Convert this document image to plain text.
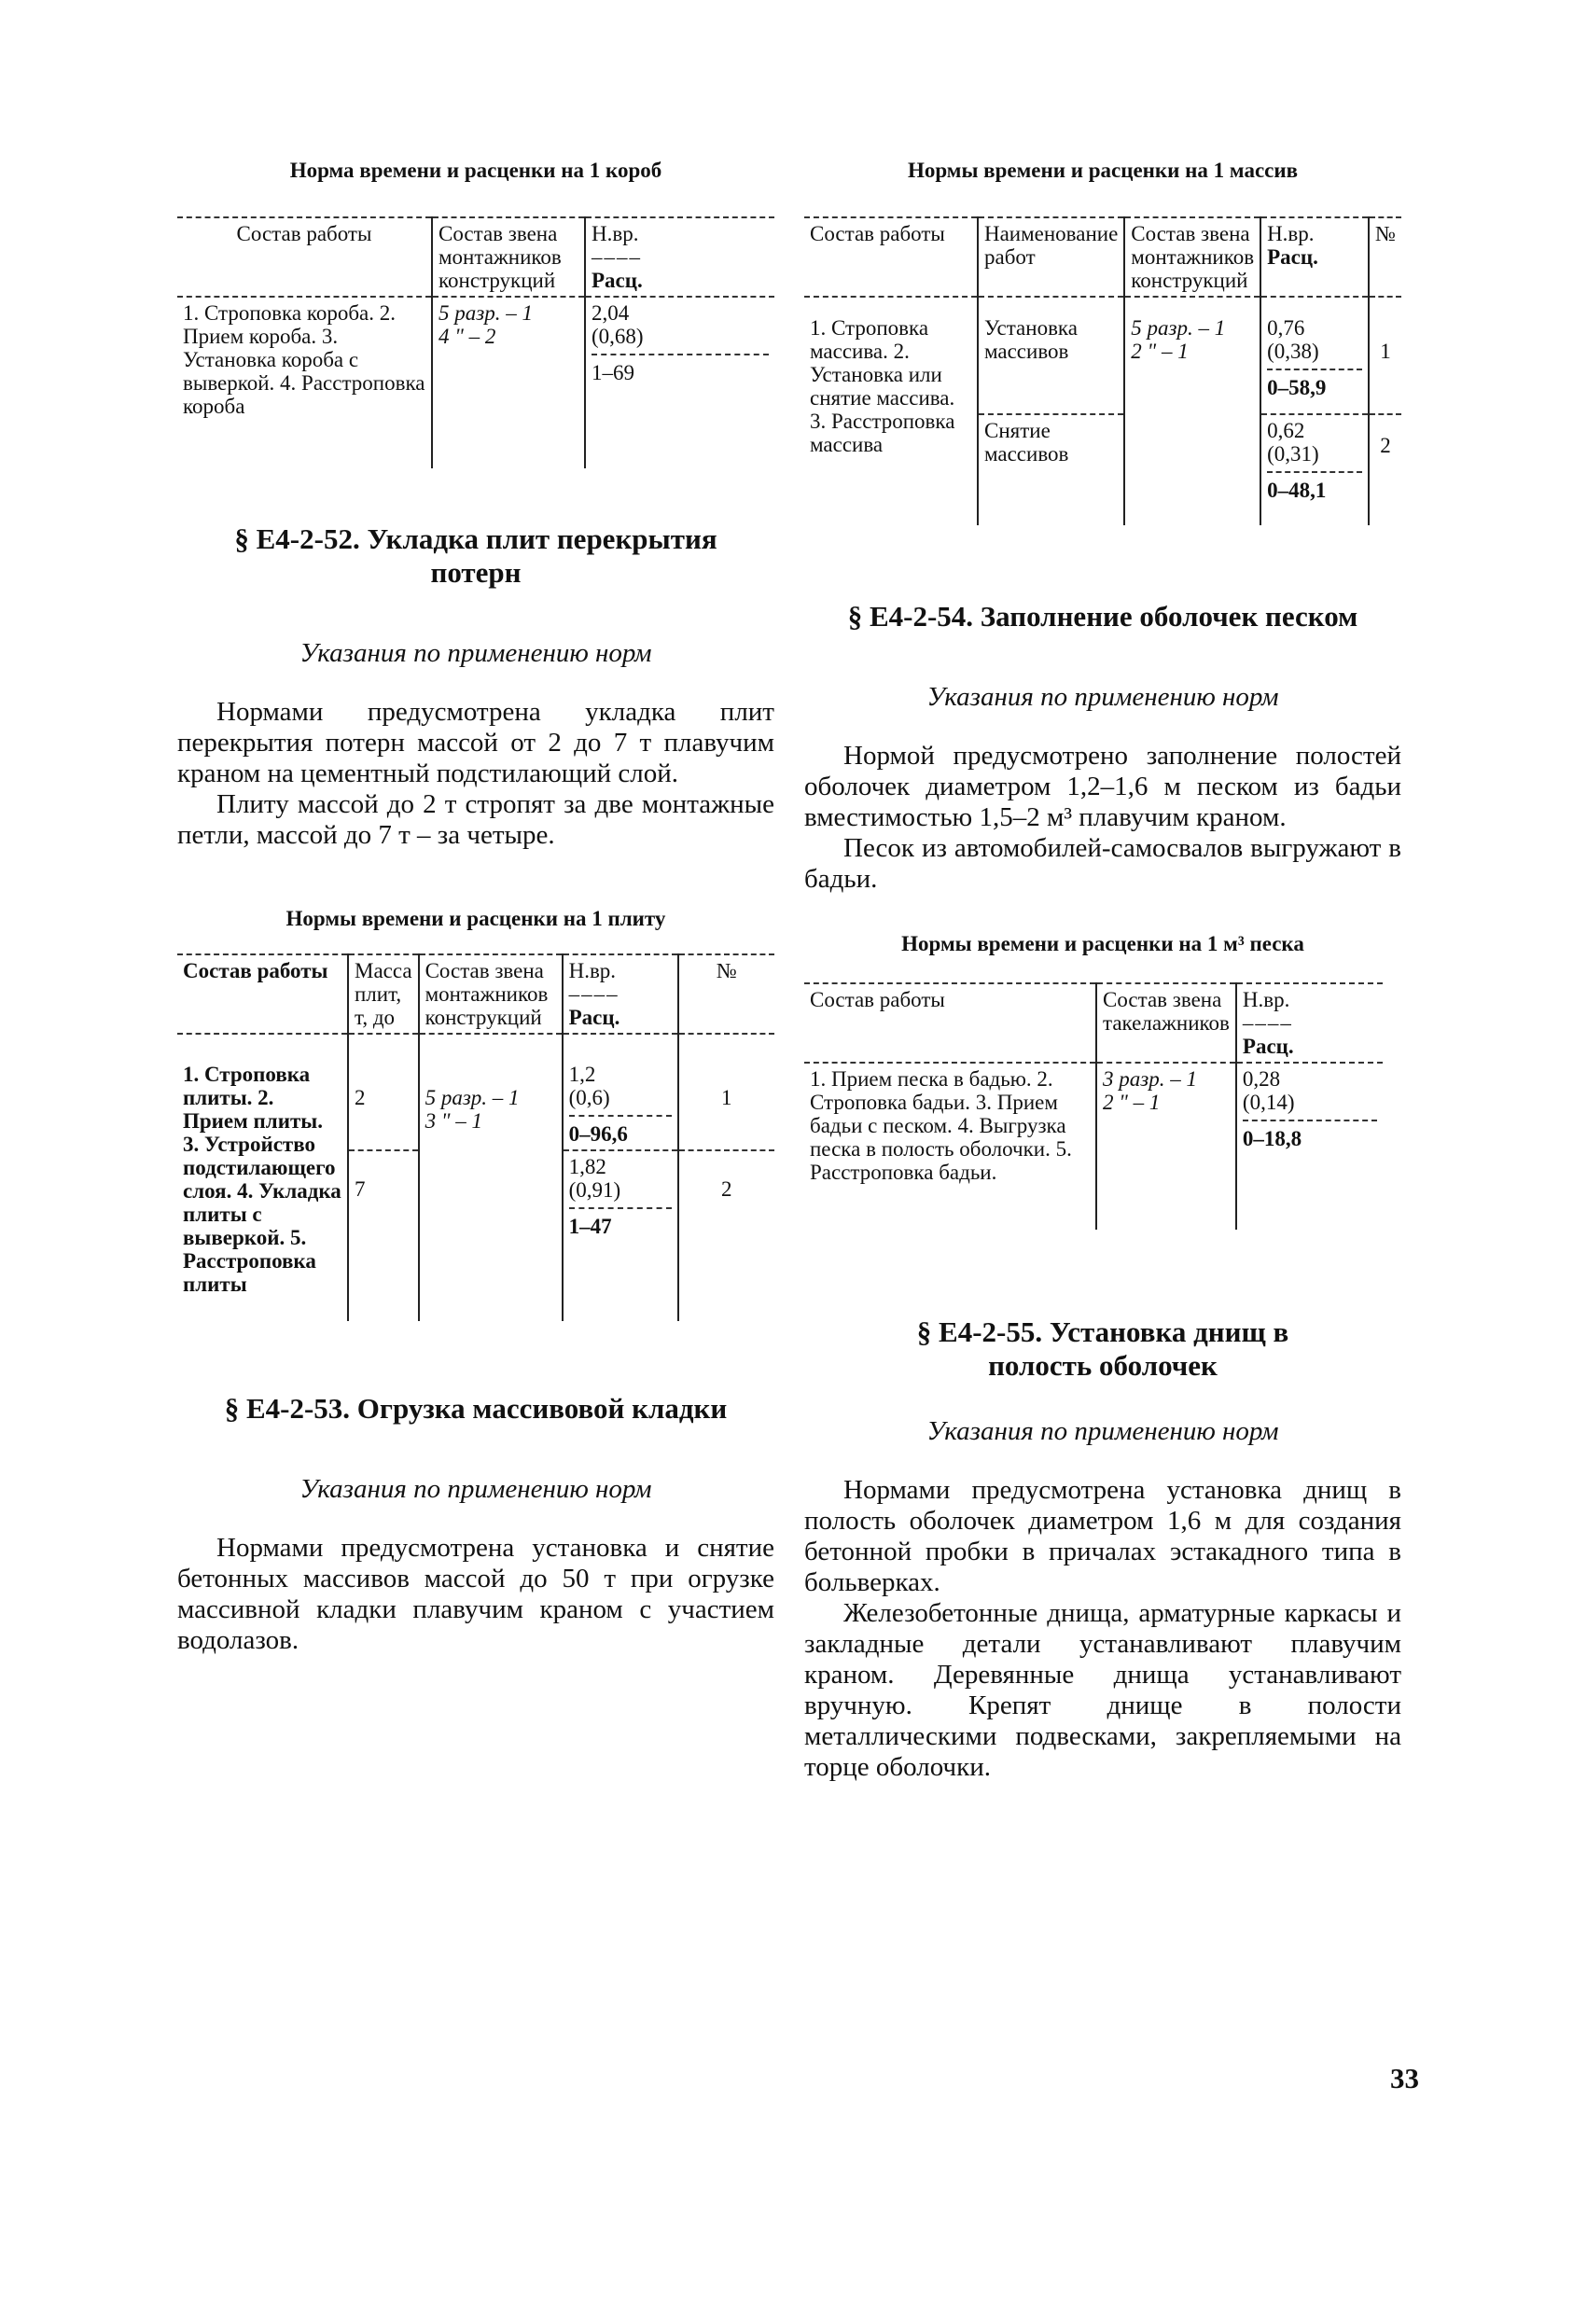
Норма времени и расценки на 1 короб
Состав работы	Состав звена монтажников конструкций	Н.вр.
––––
Расц.

1. Строповка короба. 2. Прием короба. 3. Установка короба с выверкой. 4. Расстроповка короба	5 разр. – 1
4 " – 2	2,04
(0,68)
1–69
§ Е4-2-52. Укладка плит перекрытия потерн
Указания по применению норм

Нормами предусмотрена укладка плит перекрытия потерн массой от 2 до 7 т плавучим краном на цементный подстилающий слой.

Плиту массой до 2 т стропят за две монтажные петли, массой до 7 т – за четыре.

Нормы времени и расценки на 1 плиту
Состав работы	Масса плит, т, до	Состав звена монтажников конструкций	Н.вр.
––––
Расц.	№
1. Строповка плиты. 2. Прием плиты. 3. Устройство подстилающего слоя. 4. Укладка плиты с выверкой. 5. Расстроповка плиты	2	5 разр. – 1
3 " – 1	1,2
(0,6)
0–96,6	1
	7		1,82
(0,91)
1–47	2
§ Е4-2-53. Огрузка массивовой кладки
Указания по применению норм

Нормами предусмотрена установка и снятие бетонных массивов массой до 50 т при огрузке массивной кладки плавучим краном с участием водолазов.

Нормы времени и расценки на 1 массив
Состав работы	Наименование работ	Состав звена монтажников конструкций	Н.вр.
Расц.	№
1. Строповка массива. 2. Установка или снятие массива. 3. Расстроповка массива	Установка массивов	5 разр. – 1
2 " – 1	0,76
(0,38)
0–58,9	1
	Снятие массивов		0,62
(0,31)
0–48,1	2
§ Е4-2-54. Заполнение оболочек песком
Указания по применению норм

Нормой предусмотрено заполнение полостей оболочек диаметром 1,2–1,6 м песком из бадьи вместимостью 1,5–2 м³ плавучим краном.

Песок из автомобилей-самосвалов выгружают в бадьи.

Нормы времени и расценки на 1 м³ песка
Состав работы	Состав звена такелажников	Н.вр.
––––
Расц.

1. Прием песка в бадью. 2. Строповка бадьи. 3. Прием бадьи с песком. 4. Выгрузка песка в полость оболочки. 5. Расстроповка бадьи.	3 разр. – 1
2 " – 1	0,28
(0,14)
0–18,8
§ Е4-2-55. Установка днищ в полость оболочек
Указания по применению норм

Нормами предусмотрена установка днищ в полость оболочек диаметром 1,6 м для создания бетонной пробки в причалах эстакадного типа в больверках.

Железобетонные днища, арматурные каркасы и закладные детали устанавливают плавучим краном. Деревянные днища устанавливают вручную. Крепят днище в полости металлическими подвесками, закрепляемыми на торце оболочки.

33
